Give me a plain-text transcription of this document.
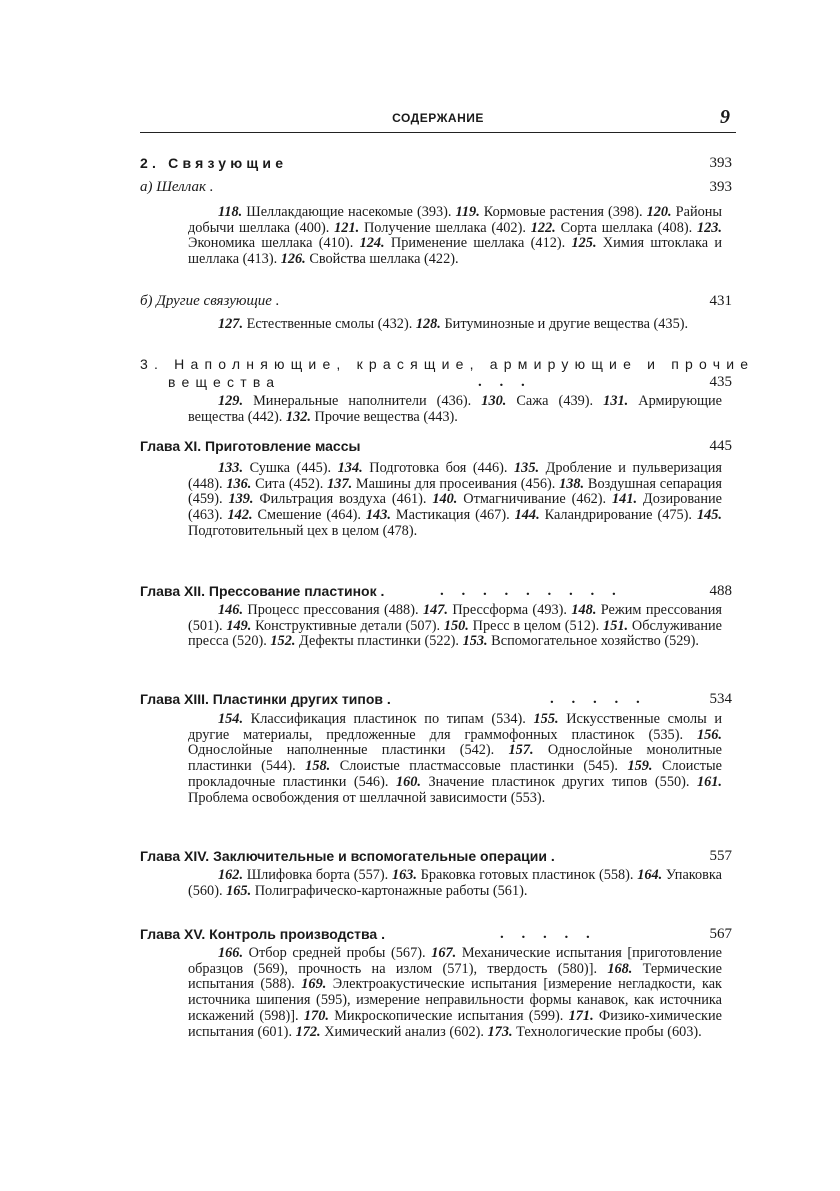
СОДЕРЖАНИЕ	9
2. Связующие	393
а) Шеллак .	393
118. Шеллакдающие насекомые (393). 119. Кормовые растения (398). 120. Районы добычи шеллака (400). 121. Получение шеллака (402). 122. Сорта шеллака (408). 123. Экономика шеллака (410). 124. Применение шеллака (412). 125. Химия штоклака и шеллака (413). 126. Свойства шеллака (422).
б) Другие связующие .	431
127. Естественные смолы (432). 128. Битуминозные и другие вещества (435).
3. Наполняющие, красящие, армирующие и прочие
вещества	. . .	435
129. Минеральные наполнители (436). 130. Сажа (439). 131. Армирующие вещества (442). 132. Прочие вещества (443).
Глава XI. Приготовление массы	445
133. Сушка (445). 134. Подготовка боя (446). 135. Дробление и пульверизация (448). 136. Сита (452). 137. Машины для просеивания (456). 138. Воздушная сепарация (459). 139. Фильтрация воздуха (461). 140. Отмагничивание (462). 141. Дозирование (463). 142. Смешение (464). 143. Мастикация (467). 144. Каландрирование (475). 145. Подготовительный цех в целом (478).
Глава XII. Прессование пластинок .	. . . . . . . . .	488
146. Процесс прессования (488). 147. Прессформа (493). 148. Режим прессования (501). 149. Конструктивные детали (507). 150. Пресс в целом (512). 151. Обслуживание пресса (520). 152. Дефекты пластинки (522). 153. Вспомогательное хозяйство (529).
Глава XIII. Пластинки других типов .	. . . . .	534
154. Классификация пластинок по типам (534). 155. Искусственные смолы и другие материалы, предложенные для граммофонных пластинок (535). 156. Однослойные наполненные пластинки (542). 157. Однослойные монолитные пластинки (544). 158. Слоистые пластмассовые пластинки (545). 159. Слоистые прокладочные пластинки (546). 160. Значение пластинок других типов (550). 161. Проблема освобождения от шеллачной зависимости (553).
Глава XIV. Заключительные и вспомогательные операции .	557
162. Шлифовка борта (557). 163. Браковка готовых пластинок (558). 164. Упаковка (560). 165. Полиграфическо-картонажные работы (561).
Глава XV. Контроль производства .	. . . . .	567
166. Отбор средней пробы (567). 167. Механические испытания [приготовление образцов (569), прочность на излом (571), твердость (580)]. 168. Термические испытания (588). 169. Электроакустические испытания [измерение негладкости, как источника шипения (595), измерение неправильности формы канавок, как источника искажений (598)]. 170. Микроскопические испытания (599). 171. Физико-химические испытания (601). 172. Химический анализ (602). 173. Технологические пробы (603).
